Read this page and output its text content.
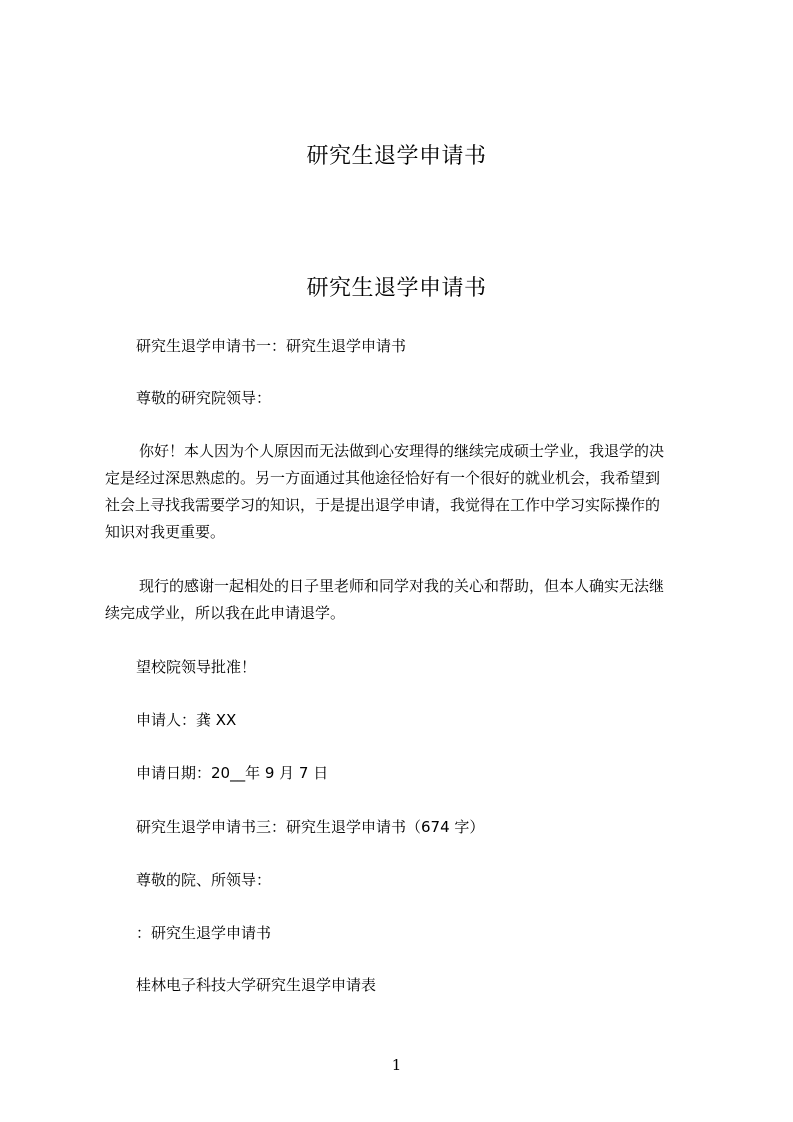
研究生退学申请书
研究生退学申请书
研究生退学申请书一：研究生退学申请书
尊敬的研究院领导：
你好！本人因为个人原因而无法做到心安理得的继续完成硕士学业，我退学的决
定是经过深思熟虑的。另一方面通过其他途径恰好有一个很好的就业机会，我希望到
社会上寻找我需要学习的知识，于是提出退学申请，我觉得在工作中学习实际操作的
知识对我更重要。
现行的感谢一起相处的日子里老师和同学对我的关心和帮助，但本人确实无法继
续完成学业，所以我在此申请退学。
望校院领导批准！
申请人：龚 XX
申请日期：20__年 9 月 7 日
研究生退学申请书三：研究生退学申请书（674 字）
尊敬的院、所领导：
：研究生退学申请书
桂林电子科技大学研究生退学申请表
1
